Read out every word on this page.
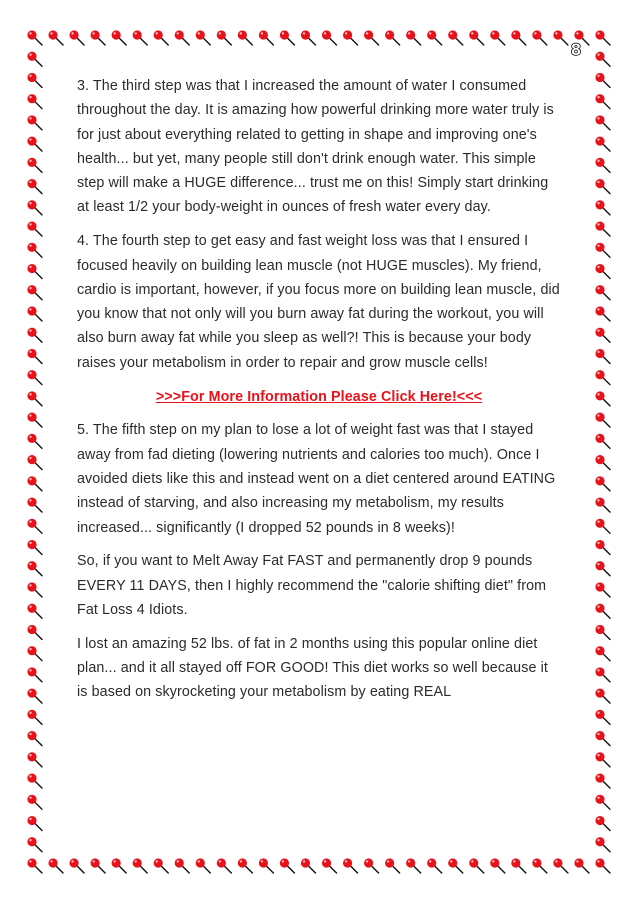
8

3. The third step was that I increased the amount of water I consumed throughout the day. It is amazing how powerful drinking more water truly is for just about everything related to getting in shape and improving one's health... but yet, many people still don't drink enough water. This simple step will make a HUGE difference... trust me on this! Simply start drinking at least 1/2 your body-weight in ounces of fresh water every day.

4. The fourth step to get easy and fast weight loss was that I ensured I focused heavily on building lean muscle (not HUGE muscles). My friend, cardio is important, however, if you focus more on building lean muscle, did you know that not only will you burn away fat during the workout, you will also burn away fat while you sleep as well?! This is because your body raises your metabolism in order to repair and grow muscle cells!

>>>For More Information Please Click Here!<<<

5. The fifth step on my plan to lose a lot of weight fast was that I stayed away from fad dieting (lowering nutrients and calories too much). Once I avoided diets like this and instead went on a diet centered around EATING instead of starving, and also increasing my metabolism, my results increased... significantly (I dropped 52 pounds in 8 weeks)!

So, if you want to Melt Away Fat FAST and permanently drop 9 pounds EVERY 11 DAYS, then I highly recommend the "calorie shifting diet" from Fat Loss 4 Idiots.

I lost an amazing 52 lbs. of fat in 2 months using this popular online diet plan... and it all stayed off FOR GOOD! This diet works so well because it is based on skyrocketing your metabolism by eating REAL
